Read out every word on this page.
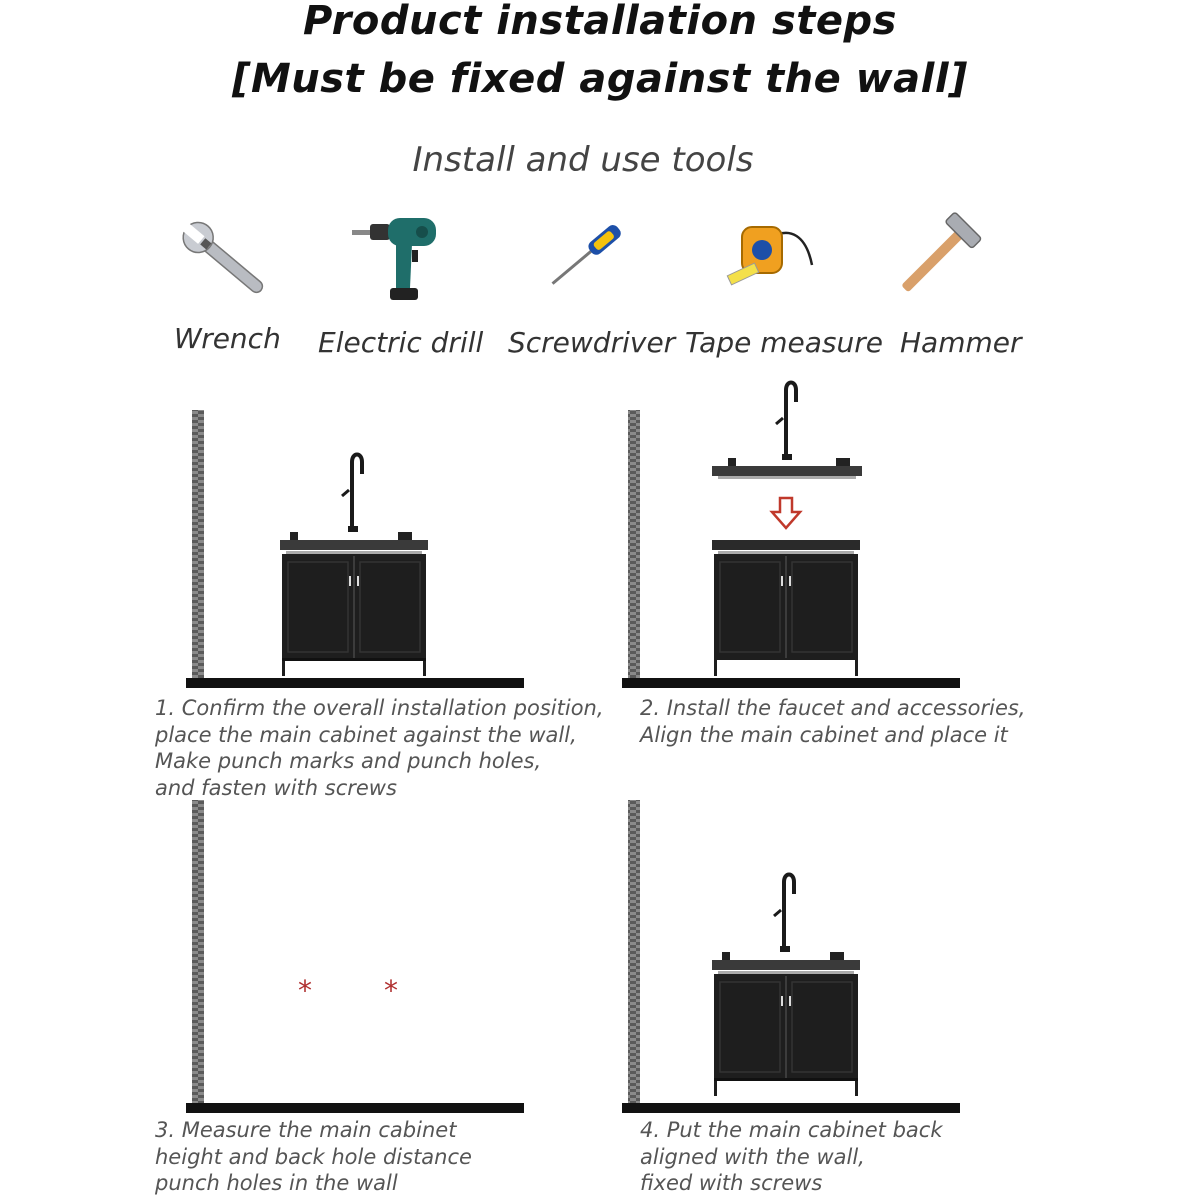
Product installation steps
[Must be fixed against the wall]
Install and use tools
Wrench Electric drill Screwdriver Tape measure Hammer
*	*
1. Confirm the overall installation position,
place the main cabinet against the wall,
Make punch marks and punch holes,
and fasten with screws
2. Install the faucet and accessories,
Align the main cabinet and place it
3. Measure the main cabinet
height and back hole distance
punch holes in the wall
4. Put the main cabinet back
aligned with the wall,
fixed with screws
